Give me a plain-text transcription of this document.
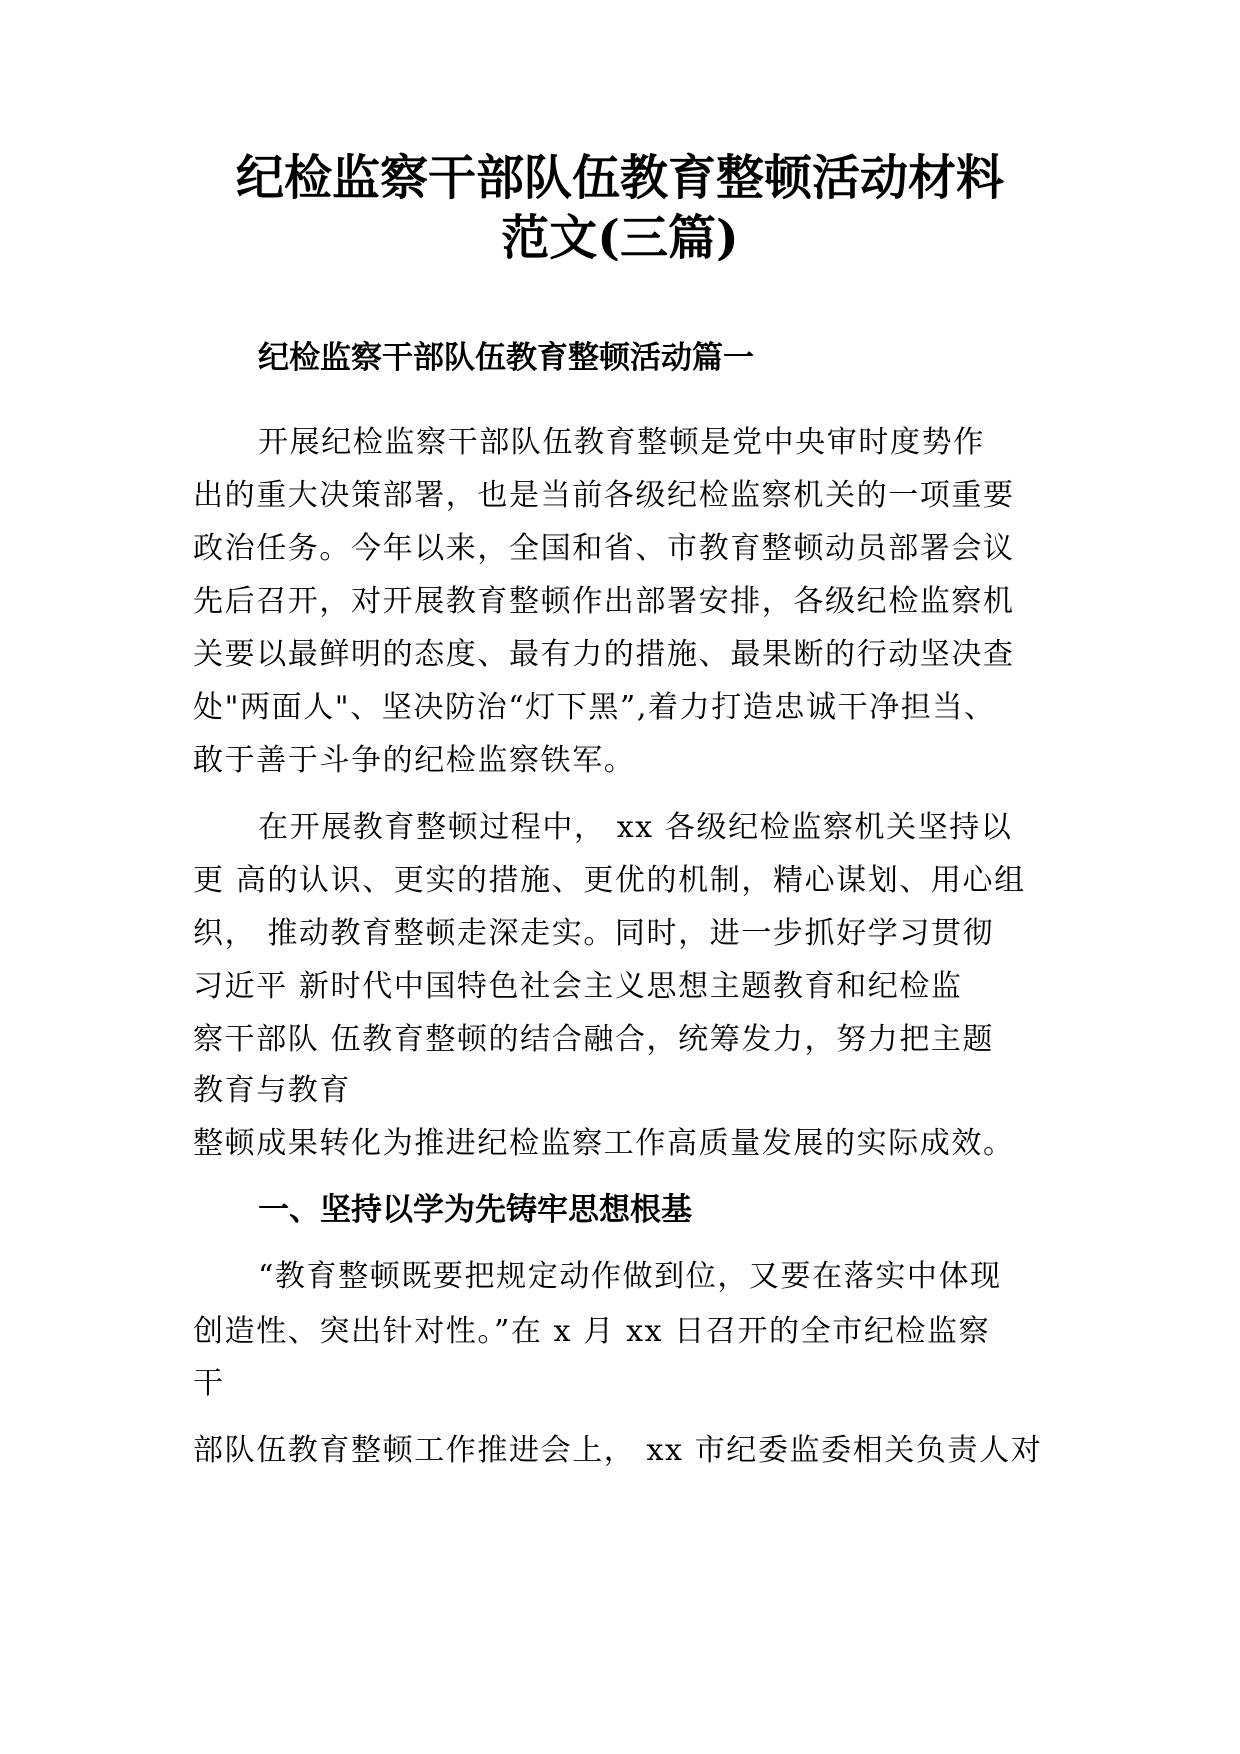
纪检监察干部队伍教育整顿活动材料
范文(三篇)
纪检监察干部队伍教育整顿活动篇一
开展纪检监察干部队伍教育整顿是党中央审时度势作
出的重大决策部署，也是当前各级纪检监察机关的一项重要
政治任务。今年以来，全国和省、市教育整顿动员部署会议
先后召开，对开展教育整顿作出部署安排，各级纪检监察机
关要以最鲜明的态度、最有力的措施、最果断的行动坚决查
处"两面人"、坚决防治“灯下黑”,着力打造忠诚干净担当、
敢于善于斗争的纪检监察铁军。
在开展教育整顿过程中， xx 各级纪检监察机关坚持以
更 高的认识、更实的措施、更优的机制，精心谋划、用心组
织， 推动教育整顿走深走实。同时，进一步抓好学习贯彻
习近平 新时代中国特色社会主义思想主题教育和纪检监
察干部队 伍教育整顿的结合融合，统筹发力，努力把主题
教育与教育
整顿成果转化为推进纪检监察工作高质量发展的实际成效。
一、坚持以学为先铸牢思想根基
“教育整顿既要把规定动作做到位，又要在落实中体现
创造性、突出针对性。”在 x 月 xx 日召开的全市纪检监察
干
部队伍教育整顿工作推进会上， xx 市纪委监委相关负责人对
